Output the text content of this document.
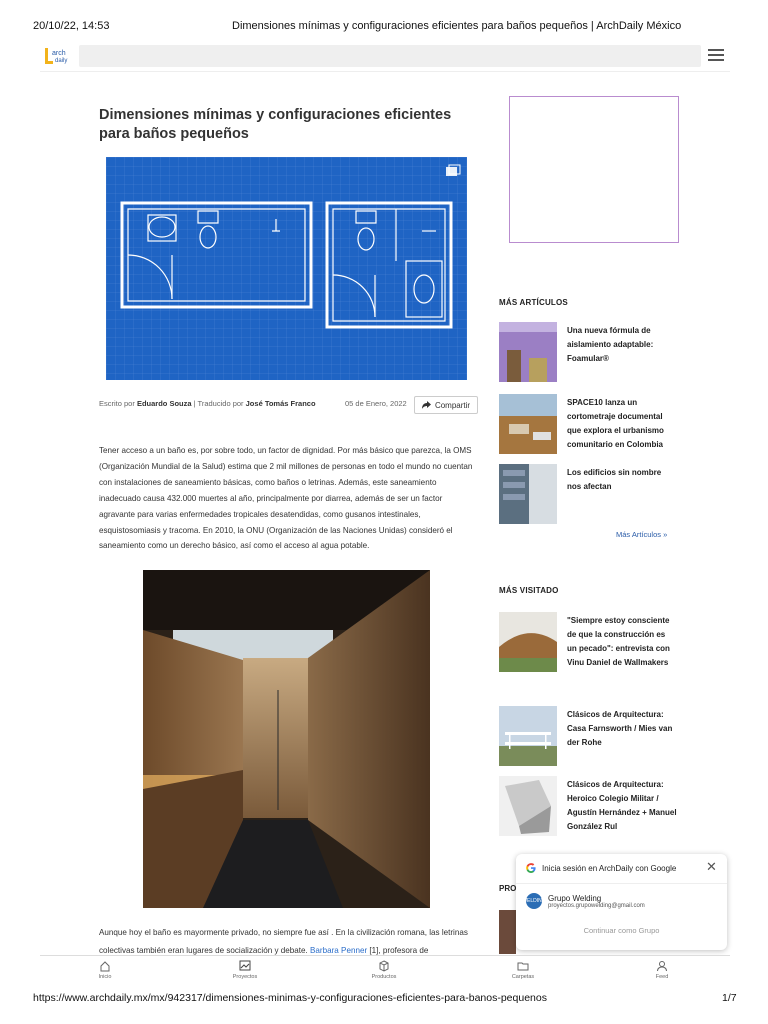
20/10/22, 14:53	Dimensiones mínimas y configuraciones eficientes para baños pequeños | ArchDaily México
arch
daily
Dimensiones mínimas y configuraciones eficientes para baños pequeños
Escrito por Eduardo Souza | Traducido por José Tomás Franco	05 de Enero, 2022	Compartir

Tener acceso a un baño es, por sobre todo, un factor de dignidad. Por más básico que parezca, la OMS (Organización Mundial de la Salud) estima que 2 mil millones de personas en todo el mundo no cuentan con instalaciones de saneamiento básicas, como baños o letrinas. Además, este saneamiento inadecuado causa 432.000 muertes al año, principalmente por diarrea, además de ser un factor agravante para varias enfermedades tropicales desatendidas, como gusanos intestinales, esquistosomiasis y tracoma. En 2010, la ONU (Organización de las Naciones Unidas) consideró el saneamiento como un derecho básico, así como el acceso al agua potable.

Aunque hoy el baño es mayormente privado, no siempre fue así . En la civilización romana, las letrinas colectivas también eran lugares de socialización y debate. Barbara Penner [1], profesora de

MÁS ARTÍCULOS
Una nueva fórmula de aislamiento adaptable: Foamular®
SPACE10 lanza un cortometraje documental que explora el urbanismo comunitario en Colombia
Los edificios sin nombre nos afectan
Más Artículos »
MÁS VISITADO
"Siempre estoy consciente de que la construcción es un pecado": entrevista con Vinu Daniel de Wallmakers
Clásicos de Arquitectura: Casa Farnsworth / Mies van der Rohe
Clásicos de Arquitectura: Heroico Colegio Militar / Agustín Hernández + Manuel González Rul
PRO
Inicia sesión en ArchDaily con Google ✕
WELDING Grupo Welding
proyectos.grupowelding@gmail.com
Continuar como Grupo
Inicio	Proyectos	Productos	Carpetas	Feed
https://www.archdaily.mx/mx/942317/dimensiones-minimas-y-configuraciones-eficientes-para-banos-pequenos	1/7
